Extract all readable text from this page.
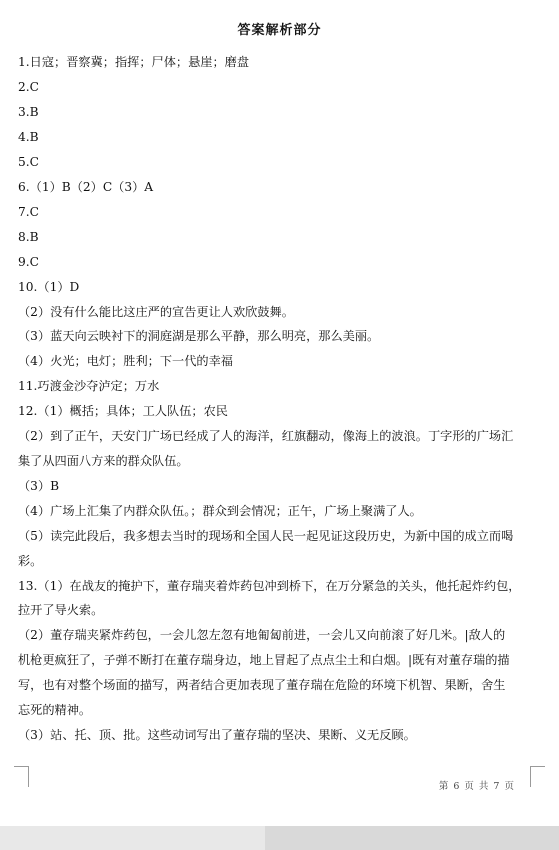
答案解析部分
1.日寇；晋察冀；指挥；尸体；悬崖；磨盘
2.C
3.B
4.B
5.C
6.（1）B（2）C（3）A
7.C
8.B
9.C
10.（1）D
（2）没有什么能比这庄严的宣告更让人欢欣鼓舞。
（3）蓝天向云映衬下的洞庭湖是那么平静，那么明亮，那么美丽。
（4）火光；电灯；胜利；下一代的幸福
11.巧渡金沙夺泸定；万水
12.（1）概括；具体；工人队伍；农民
（2）到了正午，天安门广场已经成了人的海洋，红旗翻动，像海上的波浪。丁字形的广场汇
集了从四面八方来的群众队伍。
（3）B
（4）广场上汇集了内群众队伍。；群众到会情况；正午，广场上聚满了人。
（5）读完此段后，我多想去当时的现场和全国人民一起见证这段历史，为新中国的成立而喝
彩。
13.（1）在战友的掩护下，董存瑞夹着炸药包冲到桥下，在万分紧急的关头，他托起炸约包，
拉开了导火索。
（2）董存瑞夹紧炸药包，一会儿忽左忽有地匍匐前进，一会儿又向前滚了好几米。|敌人的
机枪更疯狂了，子弹不断打在董存瑞身边，地上冒起了点点尘土和白烟。|既有对董存瑞的描
写，也有对整个场面的描写，两者结合更加表现了董存瑞在危险的环境下机智、果断，舍生
忘死的精神。
（3）站、托、顶、批。这些动词写出了董存瑞的坚决、果断、义无反顾。
第 6 页 共 7 页
